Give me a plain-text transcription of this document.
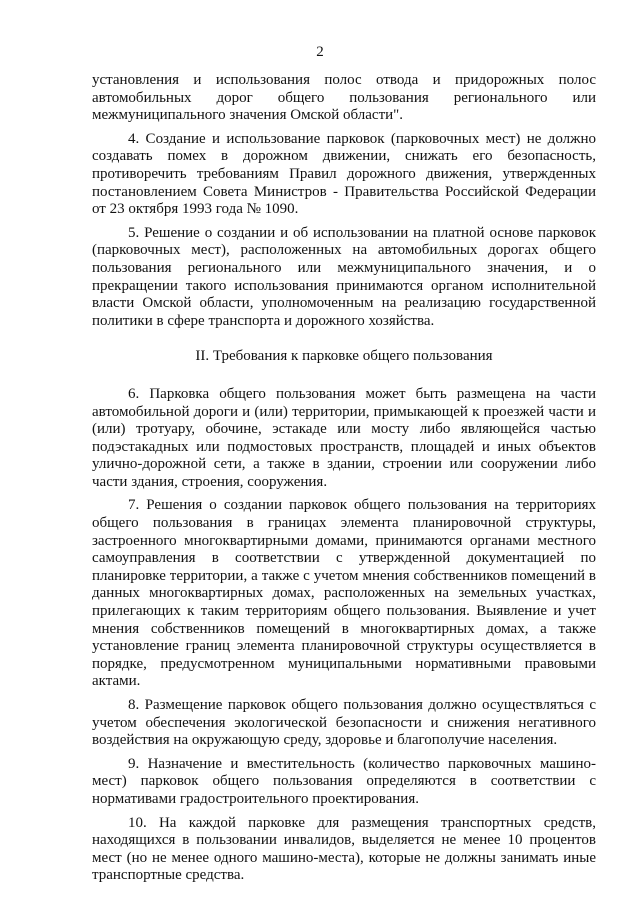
2

установления и использования полос отвода и придорожных полос автомобильных дорог общего пользования регионального или межмуниципального значения Омской области".

4. Создание и использование парковок (парковочных мест) не должно создавать помех в дорожном движении, снижать его безопасность, противоречить требованиям Правил дорожного движения, утвержденных постановлением Совета Министров - Правительства Российской Федерации от 23 октября 1993 года № 1090.

5. Решение о создании и об использовании на платной основе парковок (парковочных мест), расположенных на автомобильных дорогах общего пользования регионального или межмуниципального значения, и о прекращении такого использования принимаются органом исполнительной власти Омской области, уполномоченным на реализацию государственной политики в сфере транспорта и дорожного хозяйства.

II. Требования к парковке общего пользования

6. Парковка общего пользования может быть размещена на части автомобильной дороги и (или) территории, примыкающей к проезжей части и (или) тротуару, обочине, эстакаде или мосту либо являющейся частью подэстакадных или подмостовых пространств, площадей и иных объектов улично-дорожной сети, а также в здании, строении или сооружении либо части здания, строения, сооружения.

7. Решения о создании парковок общего пользования на территориях общего пользования в границах элемента планировочной структуры, застроенного многоквартирными домами, принимаются органами местного самоуправления в соответствии с утвержденной документацией по планировке территории, а также с учетом мнения собственников помещений в данных многоквартирных домах, расположенных на земельных участках, прилегающих к таким территориям общего пользования. Выявление и учет мнения собственников помещений в многоквартирных домах, а также установление границ элемента планировочной структуры осуществляется в порядке, предусмотренном муниципальными нормативными правовыми актами.

8. Размещение парковок общего пользования должно осуществляться с учетом обеспечения экологической безопасности и снижения негативного воздействия на окружающую среду, здоровье и благополучие населения.

9. Назначение и вместительность (количество парковочных машино-мест) парковок общего пользования определяются в соответствии с нормативами градостроительного проектирования.

10. На каждой парковке для размещения транспортных средств, находящихся в пользовании инвалидов, выделяется не менее 10 процентов мест (но не менее одного машино-места), которые не должны занимать иные транспортные средства.
